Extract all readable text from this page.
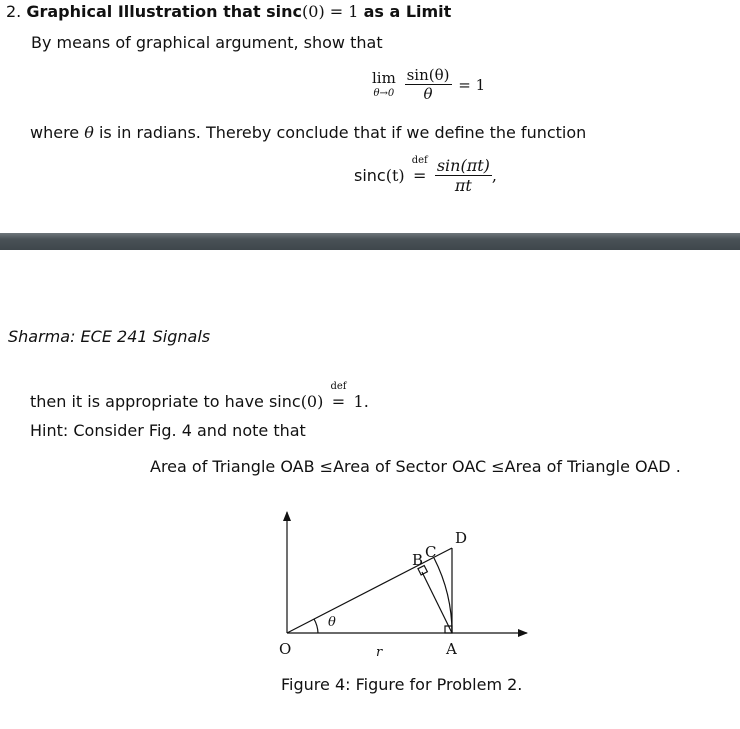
2. Graphical Illustration that sinc(0) = 1 as a Limit
By means of graphical argument, show that
lim
θ→0
$\frac{\sin(\theta)}{\theta} = 1$
where θ is in radians. Thereby conclude that if we define the function
sinc(t)
def
= $\frac{\sin(\pi t)}{\pi t}$ ,
Sharma: ECE 241 Signals
then it is appropriate to have sinc(0)
def
= 1.
Hint: Consider Fig. 4 and note that
Area of Triangle OAB ≤Area of Sector OAC ≤Area of Triangle OAD .
O	r	A
θ
B C
D
Figure 4: Figure for Problem 2.
